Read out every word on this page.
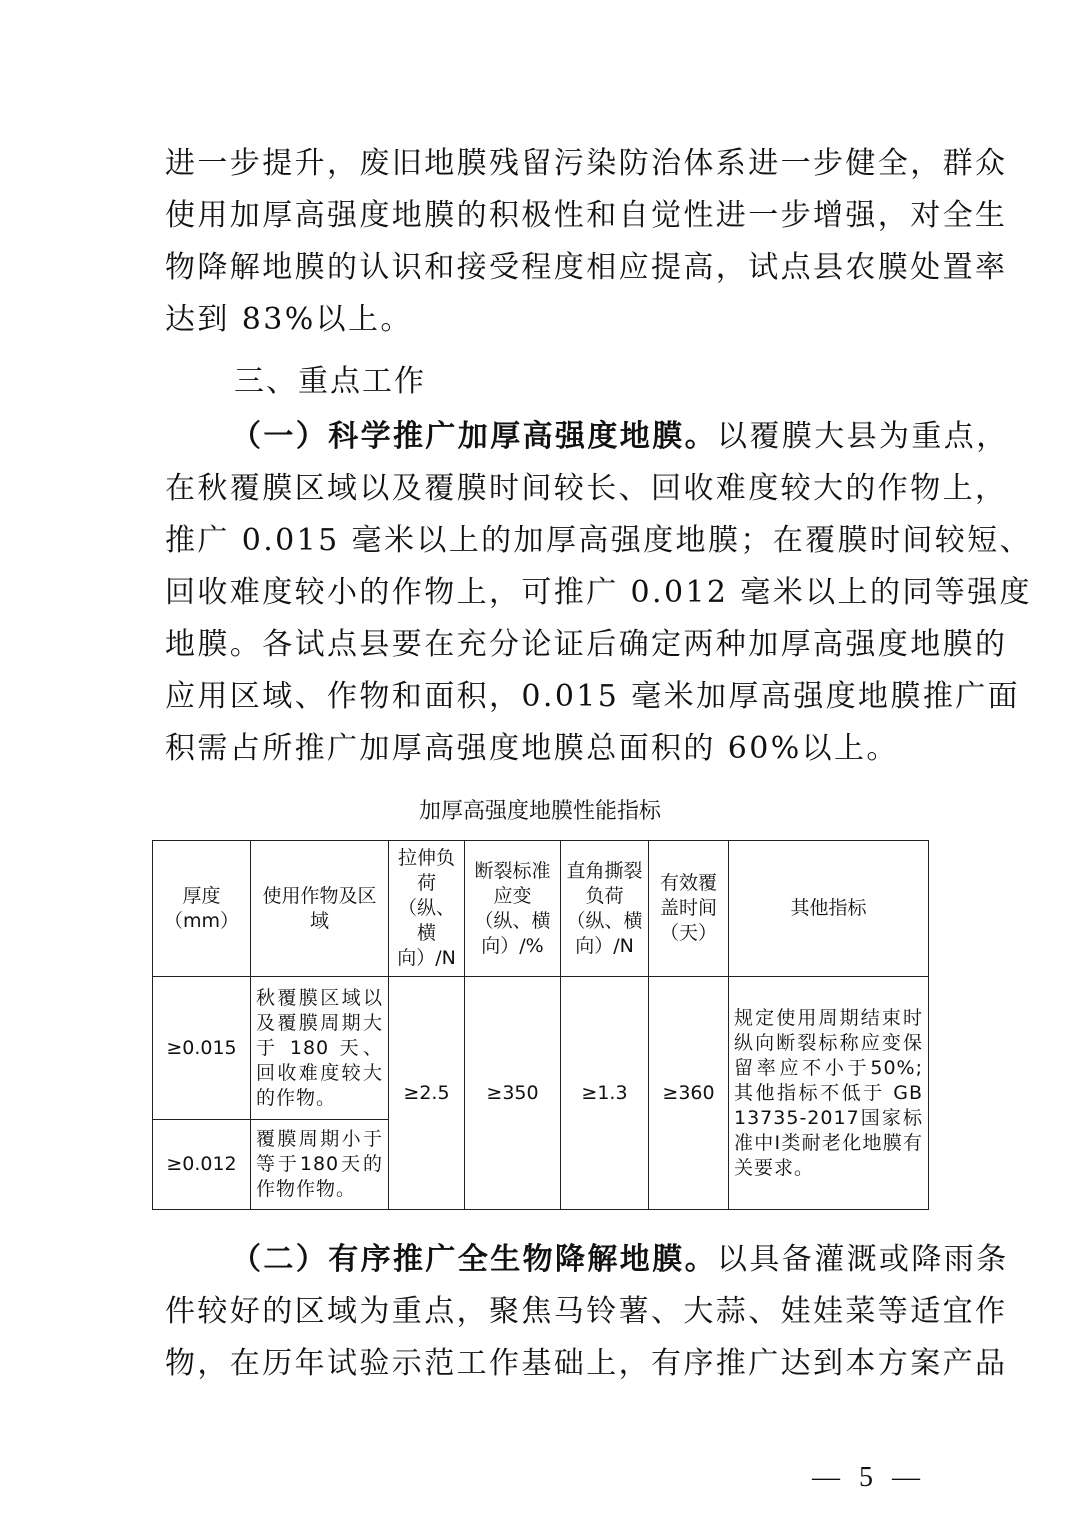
进一步提升，废旧地膜残留污染防治体系进一步健全，群众
使用加厚高强度地膜的积极性和自觉性进一步增强，对全生
物降解地膜的认识和接受程度相应提高，试点县农膜处置率
达到 83%以上。

三、重点工作

（一）科学推广加厚高强度地膜。以覆膜大县为重点，
在秋覆膜区域以及覆膜时间较长、回收难度较大的作物上，
推广 0.015 毫米以上的加厚高强度地膜；在覆膜时间较短、
回收难度较小的作物上，可推广 0.012 毫米以上的同等强度
地膜。各试点县要在充分论证后确定两种加厚高强度地膜的
应用区域、作物和面积，0.015 毫米加厚高强度地膜推广面
积需占所推广加厚高强度地膜总面积的 60%以上。

加厚高强度地膜性能指标

厚度（mm）	使用作物及区域	拉伸负荷（纵、横向）/N	断裂标准应变（纵、横向）/%	直角撕裂负荷（纵、横向）/N	有效覆盖时间（天）	其他指标
≥0.015	秋覆膜区域以及覆膜周期大于 180 天、回收难度较大的作物。	≥2.5	≥350	≥1.3	≥360	规定使用周期结束时纵向断裂标称应变保留率应不小于50%;其他指标不低于 GB 13735-2017国家标准中I类耐老化地膜有关要求。
≥0.012	覆膜周期小于等于180天的作物作物。					
（二）有序推广全生物降解地膜。以具备灌溉或降雨条
件较好的区域为重点，聚焦马铃薯、大蒜、娃娃菜等适宜作
物，在历年试验示范工作基础上，有序推广达到本方案产品

— 5 —
